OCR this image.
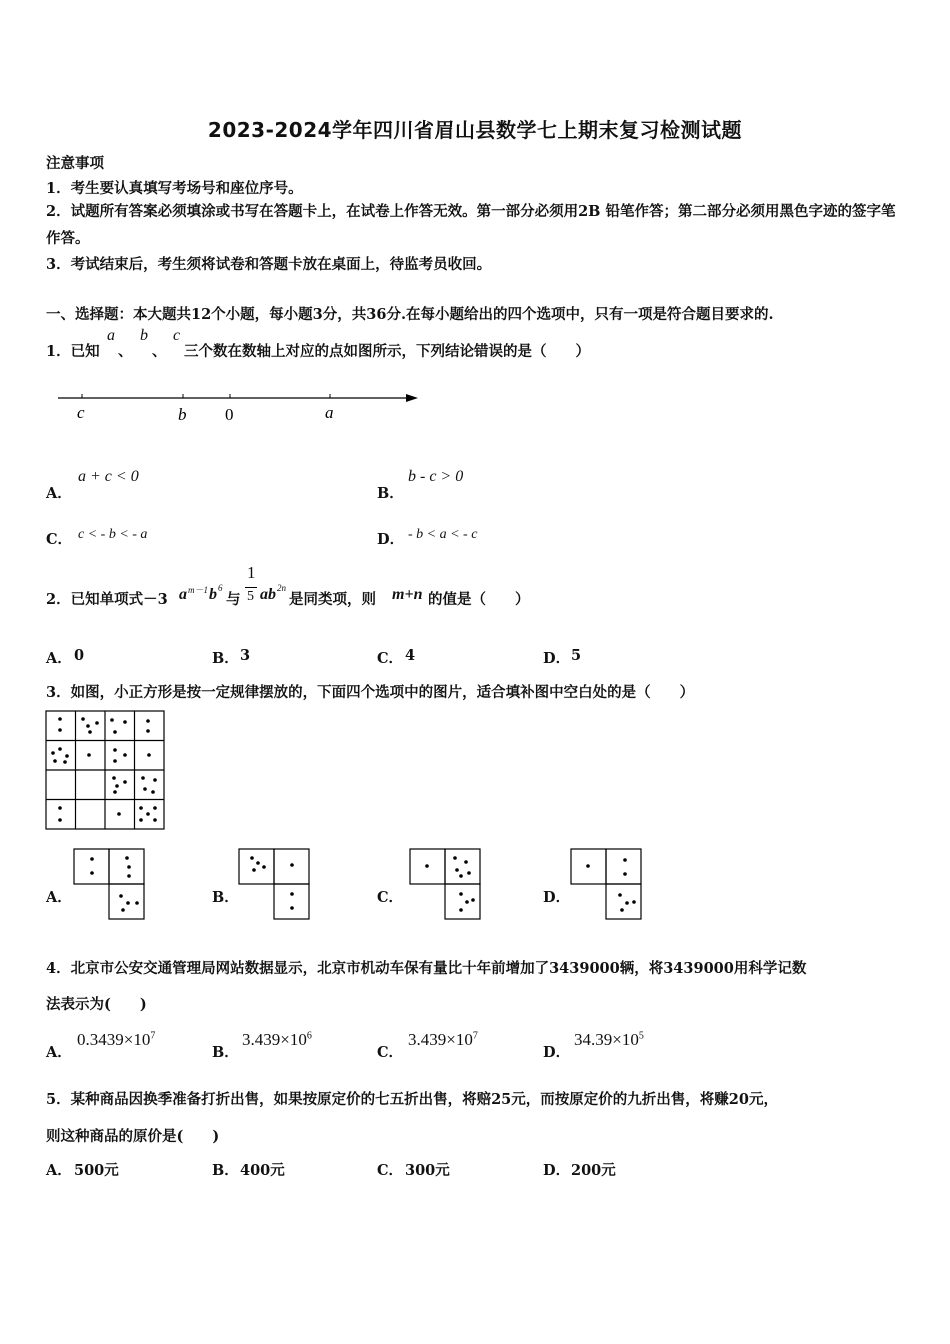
2023-2024学年四川省眉山县数学七上期末复习检测试题
注意事项
1．考生要认真填写考场号和座位序号。
2．试题所有答案必须填涂或书写在答题卡上，在试卷上作答无效。第一部分必须用2B 铅笔作答；第二部分必须用黑色字迹的签字笔作答。
3．考试结束后，考生须将试卷和答题卡放在桌面上，待监考员收回。
一、选择题：本大题共12个小题，每小题3分，共36分.在每小题给出的四个选项中，只有一项是符合题目要求的.
1．已知
a
、
b
、
c
三个数在数轴上对应的点如图所示，下列结论错误的是（　　）
c	b 0	a
A．
a + c < 0
B．
b - c > 0
C． c < - b < - a	D． - b < a < - c
2．已知单项式－3 a m－1 b 6
与
1
5 ab 2n
是同类项，则 m+n 的值是（　　）
A． 0	B． 3	C． 4	D． 5
3．如图，小正方形是按一定规律摆放的，下面四个选项中的图片，适合填补图中空白处的是（　　）
A．	B．	C．	D．
4．北京市公安交通管理局网站数据显示，北京市机动车保有量比十年前增加了3439000辆，将3439000用科学记数
法表示为(　　)
A．
$0.3439\times 10^7$
B．
$3.439\times 10^6$
C．
$3.439\times 10^7$
D．
$34.39\times 10^5$
5．某种商品因换季准备打折出售，如果按原定价的七五折出售，将赔25元，而按原定价的九折出售，将赚20元，
则这种商品的原价是(　　)
A． 500元	B． 400元	C． 300元	D． 200元
